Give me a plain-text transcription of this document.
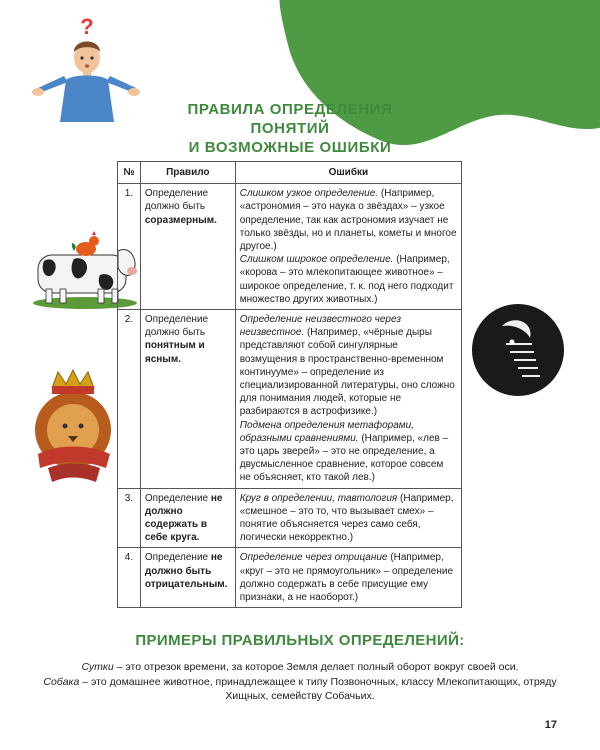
?
ПРАВИЛА ОПРЕДЕЛЕНИЯ ПОНЯТИЙ
И ВОЗМОЖНЫЕ ОШИБКИ
№	Правило	Ошибки
1.	Определение должно быть соразмерным.	Слишком узкое определение. (Например, «астрономия – это наука о звёздах» – узкое определение, так как астрономия изучает не только звёзды, но и планеты, кометы и многое другое.)
Слишком широкое определение. (Например, «корова – это млекопитающее животное» – широкое определение, т. к. под него подходит множество других животных.)

2.	Определение должно быть понятным и ясным.	Определение неизвестного через неизвестное. (Например, «чёрные дыры представляют собой сингулярные возмущения в пространственно-временном континууме» – определение из специализированной литературы, оно сложно для понимания людей, которые не разбираются в астрофизике.)
Подмена определения метафорами, образными сравнениями. (Например, «лев – это царь зверей» – это не определение, а двусмысленное сравнение, которое совсем не объясняет, кто такой лев.)

3.	Определение не должно содержать в себе круга.	Круг в определении, тавтология (Например, «смешное – это то, что вызывает смех» – понятие объясняется через само себя, логически некорректно.)

4.	Определение не должно быть отрицательным.	Определение через отрицание (Например, «круг – это не прямоугольник» – определение должно содержать в себе присущие ему признаки, а не наоборот.)
ПРИМЕРЫ ПРАВИЛЬНЫХ ОПРЕДЕЛЕНИЙ:
Сутки – это отрезок времени, за которое Земля делает полный оборот вокруг своей оси.
Собака – это домашнее животное, принадлежащее к типу Позвоночных, классу Млекопитающих, отряду Хищных, семейству Собачьих.
17
